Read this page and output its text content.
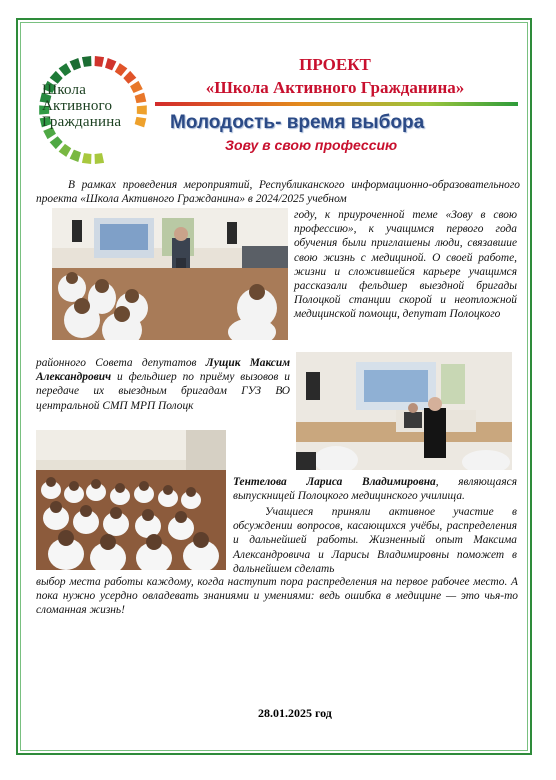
Школа
Активного
Гражданина
ПРОЕКТ
«Школа Активного Гражданина»
Молодость- время выбора
Зову в свою профессию
В рамках проведения мероприятий, Республиканского информационно-образовательного проекта «Школа Активного Гражданина» в 2024/2025 учебном
году, к приуроченной теме «Зову в свою профессию», к учащимся первого года обучения были приглашены люди, связавшие свою жизнь с медициной. О своей работе, жизни и сложившейся карьере учащимся рассказали фельдшер выездной бригады Полоцкой станции скорой и неотложной медицинской помощи, депутат Полоцкого
районного Совета депутатов Лущик Максим Александрович и фельдшер по приёму вызовов и передаче их выездным бригадам ГУЗ ВО центральной СМП МРП Полоцк
Тентелова Лариса Владимировна, являющаяся выпускницей Полоцкого медицинского училища.
Учащиеся приняли активное участие в обсуждении вопросов, касающихся учёбы, распределения и дальнейшей работы. Жизненный опыт Максима Александровича и Ларисы Владимировны поможет в дальнейшем сделать
выбор места работы каждому, когда наступит пора распределения на первое рабочее место. А пока нужно усердно овладевать знаниями и умениями: ведь ошибка в медицине — это чья-то сломанная жизнь!
28.01.2025 год
